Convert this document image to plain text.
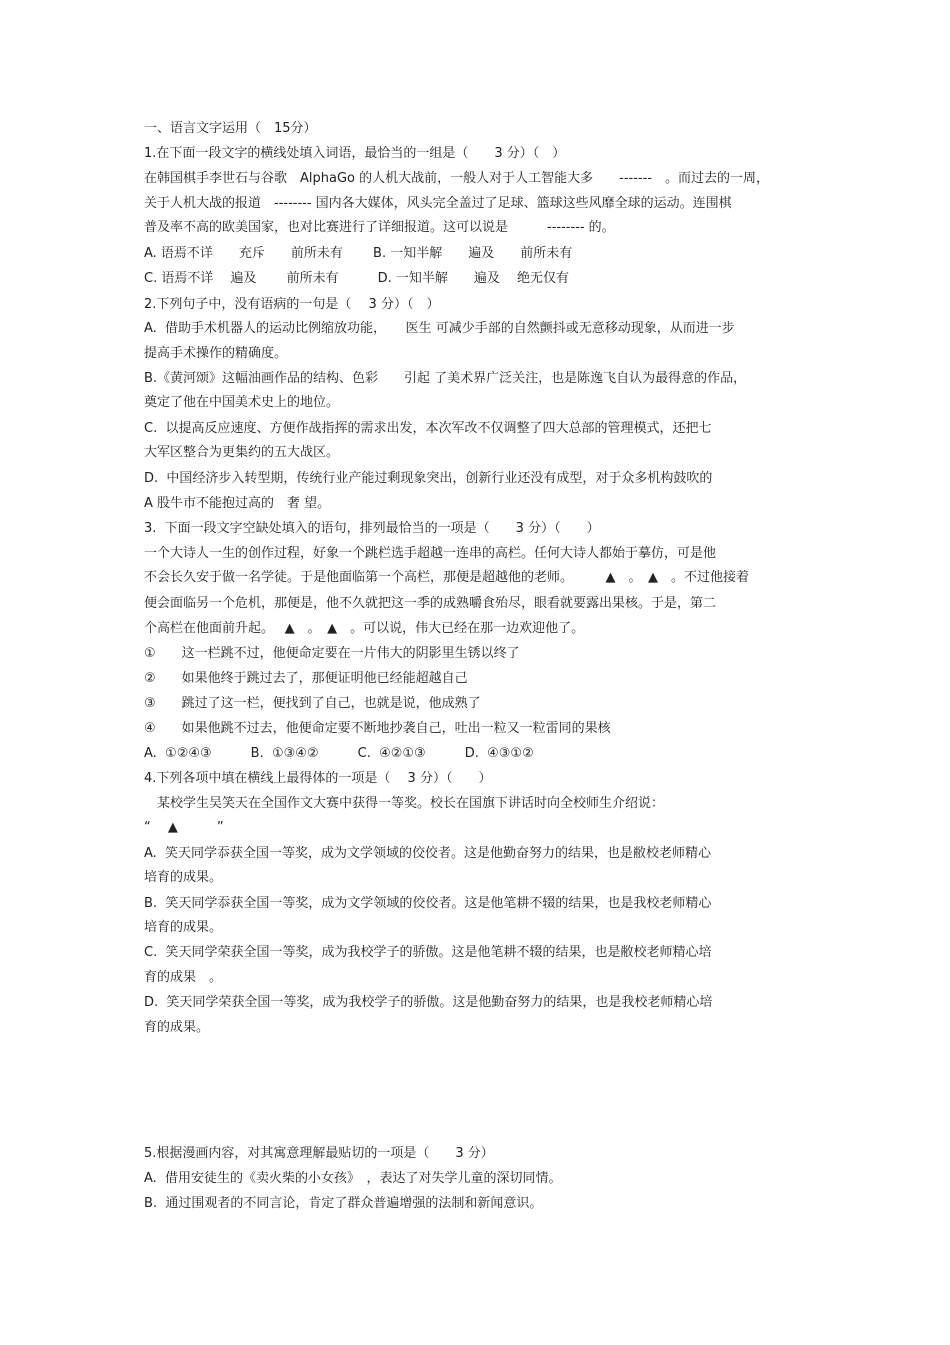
一、语言文字运用（　15分）
1.在下面一段文字的横线处填入词语，最恰当的一组是（　　3 分）（　）
在韩国棋手李世石与谷歌　AlphaGo 的人机大战前，一般人对于人工智能大多　　-------　。而过去的一周，
关于人机大战的报道　-------- 国内各大媒体，风头完全盖过了足球、篮球这些风靡全球的运动。连围棋
普及率不高的欧美国家，也对比赛进行了详细报道。这可以说是　　　-------- 的。
A. 语焉不详　　充斥　　前所未有　　 B. 一知半解　　遍及　　前所未有
C. 语焉不详　 遍及　　 前所未有　　　D. 一知半解　　遍及　 绝无仅有
2.下列句子中，没有语病的一句是（　 3 分）（　）
A.  借助手术机器人的运动比例缩放功能，　　医生 可减少手部的自然颤抖或无意移动现象，从而进一步
提高手术操作的精确度。
B.《黄河颂》这幅油画作品的结构、色彩　　引起 了美术界广泛关注，也是陈逸飞自认为最得意的作品，
奠定了他在中国美术史上的地位。
C.  以提高反应速度、方便作战指挥的需求出发，本次军改不仅调整了四大总部的管理模式，还把七
大军区整合为更集约的五大战区。
D.  中国经济步入转型期，传统行业产能过剩现象突出，创新行业还没有成型，对于众多机构鼓吹的
A 股牛市不能抱过高的　奢 望。
3.  下面一段文字空缺处填入的语句，排列最恰当的一项是（　　3 分）（　　）
一个大诗人一生的创作过程，好象一个跳栏选手超越一连串的高栏。任何大诗人都始于摹仿，可是他
不会长久安于做一名学徒。于是他面临第一个高栏，那便是超越他的老师。　　　▲　。　▲　。不过他接着
便会面临另一个危机，那便是，他不久就把这一季的成熟嚼食殆尽，眼看就要露出果核。于是，第二
个高栏在他面前升起。　 ▲　。　▲　。可以说，伟大已经在那一边欢迎他了。
①　　这一栏跳不过，他便命定要在一片伟大的阴影里生锈以终了
②　　如果他终于跳过去了，那便证明他已经能超越自己
③　　跳过了这一栏，便找到了自己，也就是说，他成熟了
④　　如果他跳不过去，他便命定要不断地抄袭自己，吐出一粒又一粒雷同的果核
A.  ①②④③　　　B.  ①③④②　　　C.  ④②①③　　　D.  ④③①②
4.下列各项中填在横线上最得体的一项是（　 3 分）（　　）
　某校学生吴笑天在全国作文大赛中获得一等奖。校长在国旗下讲话时向全校师生介绍说：
“　 ▲　　　”
A.  笑天同学忝获全国一等奖，成为文学领域的佼佼者。这是他勤奋努力的结果，也是敝校老师精心
培育的成果。
B.  笑天同学忝获全国一等奖，成为文学领域的佼佼者。这是他笔耕不辍的结果，也是我校老师精心
培育的成果。
C.  笑天同学荣获全国一等奖，成为我校学子的骄傲。这是他笔耕不辍的结果，也是敝校老师精心培
育的成果　。
D.  笑天同学荣获全国一等奖，成为我校学子的骄傲。这是他勤奋努力的结果，也是我校老师精心培
育的成果。
5.根据漫画内容，对其寓意理解最贴切的一项是（　　3 分）
A.  借用安徒生的《卖火柴的小女孩》　，表达了对失学儿童的深切同情。
B.  通过围观者的不同言论，肯定了群众普遍增强的法制和新闻意识。
